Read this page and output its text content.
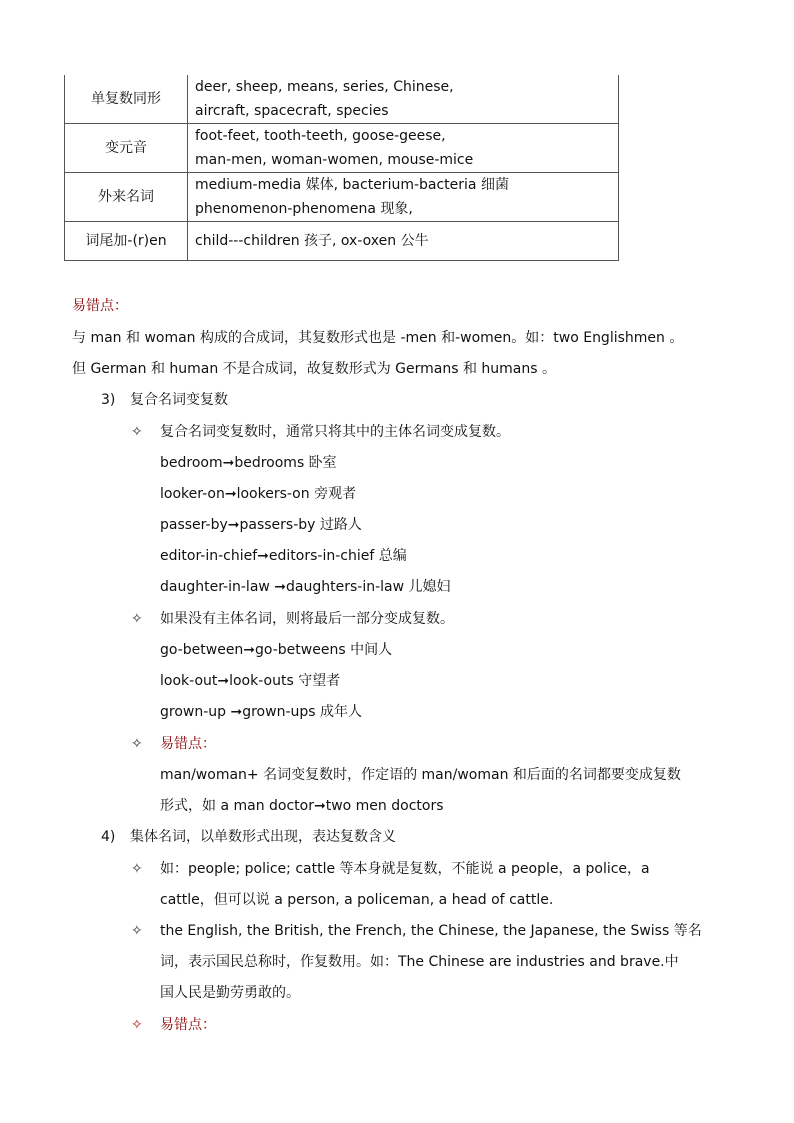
单复数同形	deer, sheep, means, series, Chinese,
aircraft, spacecraft, species

变元音	foot-feet, tooth-teeth, goose-geese,
man-men, woman-women, mouse-mice

外来名词	medium-media 媒体, bacterium-bacteria 细菌
phenomenon-phenomena 现象,

词尾加-(r)en	child---children 孩子, ox-oxen 公牛
易错点：
与 man 和 woman 构成的合成词，其复数形式也是 -men 和-women。如：two Englishmen 。
但 German 和 human 不是合成词，故复数形式为 Germans 和 humans 。
3) 复合名词变复数
✧ 复合名词变复数时，通常只将其中的主体名词变成复数。
bedroom➞bedrooms 卧室
looker-on➞lookers-on 旁观者
passer-by➞passers-by 过路人
editor-in-chief➞editors-in-chief 总编
daughter-in-law ➞daughters-in-law 儿媳妇
✧ 如果没有主体名词，则将最后一部分变成复数。
go-between➞go-betweens 中间人
look-out➞look-outs 守望者
grown-up ➞grown-ups 成年人
✧ 易错点：
man/woman+ 名词变复数时，作定语的 man/woman 和后面的名词都要变成复数
形式，如 a man doctor➞two men doctors
4) 集体名词，以单数形式出现，表达复数含义
✧ 如：people; police; cattle 等本身就是复数，不能说 a people，a police，a
cattle，但可以说 a person, a policeman, a head of cattle.
✧ the English, the British, the French, the Chinese, the Japanese, the Swiss 等名
词，表示国民总称时，作复数用。如：The Chinese are industries and brave.中
国人民是勤劳勇敢的。
✧ 易错点：
